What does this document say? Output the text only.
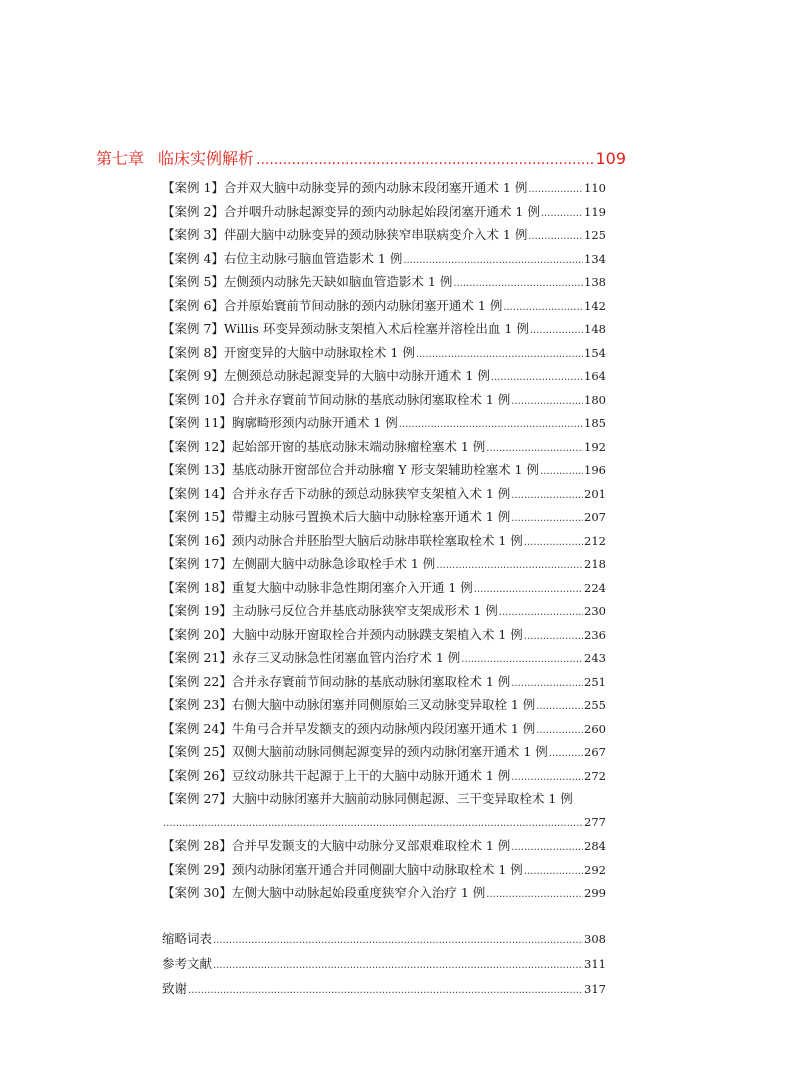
第七章 临床实例解析 .....	109
【案例 1】合并双大脑中动脉变异的颈内动脉末段闭塞开通术 1 例 .....	110
【案例 2】合并咽升动脉起源变异的颈内动脉起始段闭塞开通术 1 例 .....	119
【案例 3】伴副大脑中动脉变异的颈动脉狭窄串联病变介入术 1 例 .....	125
【案例 4】右位主动脉弓脑血管造影术 1 例 .....	134
【案例 5】左侧颈内动脉先天缺如脑血管造影术 1 例 .....	138
【案例 6】合并原始寰前节间动脉的颈内动脉闭塞开通术 1 例 .....	142
【案例 7】Willis 环变异颈动脉支架植入术后栓塞并溶栓出血 1 例 .....	148
【案例 8】开窗变异的大脑中动脉取栓术 1 例 .....	154
【案例 9】左侧颈总动脉起源变异的大脑中动脉开通术 1 例 .....	164
【案例 10】合并永存寰前节间动脉的基底动脉闭塞取栓术 1 例 .....	180
【案例 11】胸廓畸形颈内动脉开通术 1 例 .....	185
【案例 12】起始部开窗的基底动脉末端动脉瘤栓塞术 1 例 .....	192
【案例 13】基底动脉开窗部位合并动脉瘤 Y 形支架辅助栓塞术 1 例 .....	196
【案例 14】合并永存舌下动脉的颈总动脉狭窄支架植入术 1 例 .....	201
【案例 15】带瓣主动脉弓置换术后大脑中动脉栓塞开通术 1 例 .....	207
【案例 16】颈内动脉合并胚胎型大脑后动脉串联栓塞取栓术 1 例 .....	212
【案例 17】左侧副大脑中动脉急诊取栓手术 1 例 .....	218
【案例 18】重复大脑中动脉非急性期闭塞介入开通 1 例 .....	224
【案例 19】主动脉弓反位合并基底动脉狭窄支架成形术 1 例 .....	230
【案例 20】大脑中动脉开窗取栓合并颈内动脉蹼支架植入术 1 例 .....	236
【案例 21】永存三叉动脉急性闭塞血管内治疗术 1 例 .....	243
【案例 22】合并永存寰前节间动脉的基底动脉闭塞取栓术 1 例 .....	251
【案例 23】右侧大脑中动脉闭塞并同侧原始三叉动脉变异取栓 1 例 .....	255
【案例 24】牛角弓合并早发额支的颈内动脉颅内段闭塞开通术 1 例 .....	260
【案例 25】双侧大脑前动脉同侧起源变异的颈内动脉闭塞开通术 1 例 .....	267
【案例 26】豆纹动脉共干起源于上干的大脑中动脉开通术 1 例 .....	272
【案例 27】大脑中动脉闭塞并大脑前动脉同侧起源、三干变异取栓术 1 例
.....
277
【案例 28】合并早发颞支的大脑中动脉分叉部艰难取栓术 1 例 .....	284
【案例 29】颈内动脉闭塞开通合并同侧副大脑中动脉取栓术 1 例 .....	292
【案例 30】左侧大脑中动脉起始段重度狭窄介入治疗 1 例 .....	299
缩略词表 .....	308
参考文献 .....	311
致谢 .....	317
